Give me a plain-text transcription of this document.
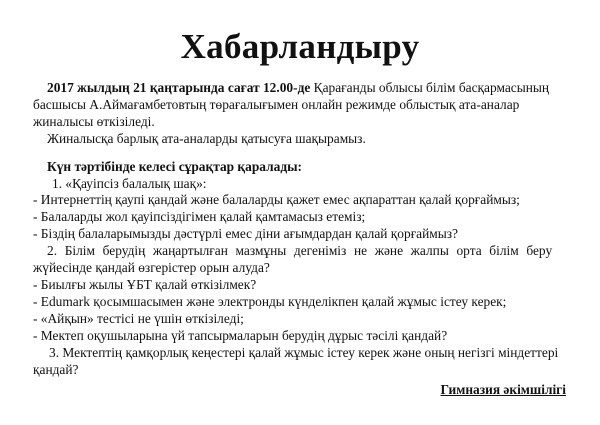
Хабарландыру
2017 жылдың 21 қаңтарында сағат 12.00-де Қарағанды облысы білім басқармасының
басшысы А.Аймағамбетовтың төрағалығымен онлайн режимде облыстық ата-аналар
жиналысы өткізіледі.
Жиналысқа барлық ата-аналарды қатысуға шақырамыз.
Күн тәртібінде келесі сұрақтар қаралады:
1. «Қауіпсіз балалық шақ»:
- Интернеттің қаупі қандай және балаларды қажет емес ақпараттан қалай қорғаймыз;
- Балаларды жол қауіпсіздігімен қалай қамтамасыз етеміз;
- Біздің балаларымызды дәстүрлі емес діни ағымдардан қалай қорғаймыз?
2. Білім берудің жаңартылған мазмұны дегеніміз не және жалпы орта білім беру
жүйесінде қандай өзгерістер орын алуда?
- Биылғы жылы ҰБТ қалай өткізілмек?
- Edumark қосымшасымен және электронды күнделікпен қалай жұмыс істеу керек;
- «Айқын» тестісі не үшін өткізіледі;
- Мектеп оқушыларына үй тапсырмаларын берудің дұрыс тәсілі қандай?
3. Мектептің қамқорлық кеңестері қалай жұмыс істеу керек және оның негізгі міндеттері
қандай?
Гимназия әкімшілігі
